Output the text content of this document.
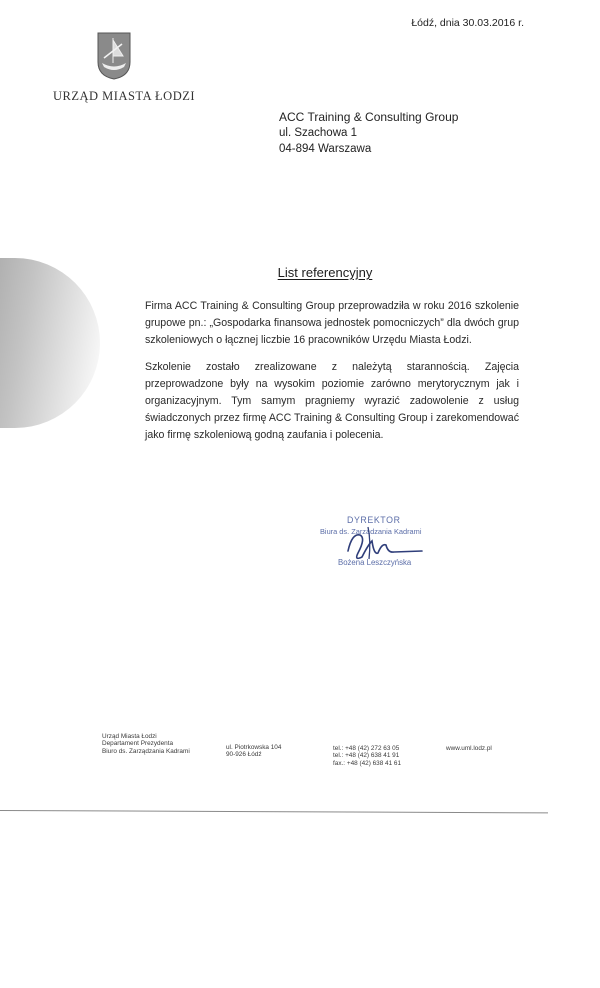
Łódź, dnia 30.03.2016 r.
URZĄD MIASTA ŁODZI
ACC Training & Consulting Group
ul. Szachowa 1
04-894 Warszawa
List referencyjny

Firma ACC Training & Consulting Group przeprowadziła w roku 2016 szkolenie grupowe pn.: „Gospodarka finansowa jednostek pomocniczych” dla dwóch grup szkoleniowych o łącznej liczbie 16 pracowników Urzędu Miasta Łodzi.

Szkolenie zostało zrealizowane z należytą starannością. Zajęcia przeprowadzone były na wysokim poziomie zarówno merytorycznym jak i organizacyjnym. Tym samym pragniemy wyrazić zadowolenie z usług świadczonych przez firmę ACC Training & Consulting Group i zarekomendować jako firmę szkoleniową godną zaufania i polecenia.

DYREKTOR
Biura ds. Zarządzania Kadrami
Bożena Leszczyńska
Urząd Miasta Łodzi
Departament Prezydenta
Biuro ds. Zarządzania Kadrami
ul. Piotrkowska 104
90-926 Łódź
tel.: +48 (42) 272 63 05
tel.: +48 (42) 638 41 91
fax.: +48 (42) 638 41 61
www.uml.lodz.pl
